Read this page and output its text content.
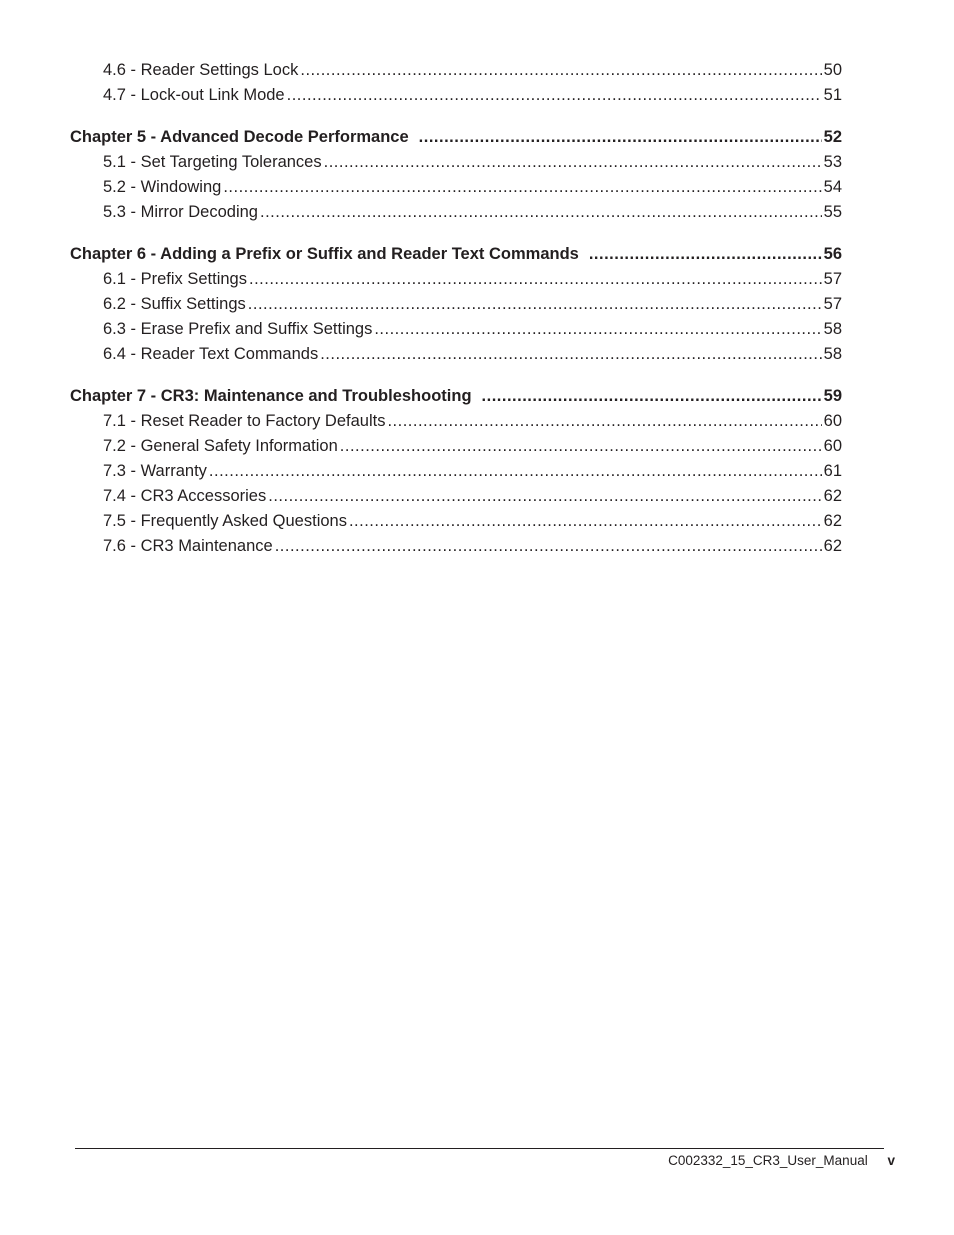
4.6 - Reader Settings Lock .....	50
4.7 - Lock-out Link Mode .....	51
Chapter 5 - Advanced Decode Performance .....	52
5.1 - Set Targeting Tolerances .....	53
5.2 - Windowing .....	54
5.3 - Mirror Decoding .....	55
Chapter 6 - Adding a Prefix or Suffix and Reader Text Commands .....	56
6.1 - Prefix Settings .....	57
6.2 - Suffix Settings .....	57
6.3 - Erase Prefix and Suffix Settings .....	58
6.4 - Reader Text Commands .....	58
Chapter 7 - CR3: Maintenance and Troubleshooting .....	59
7.1 - Reset Reader to Factory Defaults .....	60
7.2 - General Safety Information .....	60
7.3 - Warranty .....	61
7.4 - CR3 Accessories .....	62
7.5 - Frequently Asked Questions .....	62
7.6 - CR3 Maintenance .....	62
C002332_15_CR3_User_Manual v
